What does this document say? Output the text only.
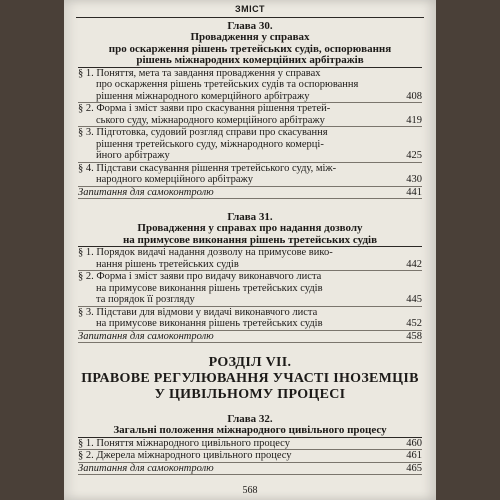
ЗМІСТ
Глава 30.
Провадження у справах
про оскарження рішень третейських судів, оспорювання
рішень міжнародних комерційних арбітражів
§ 1. Поняття, мета та завдання провадження у справах
про оскарження рішень третейських судів та оспорювання
рішення міжнародного комерційного арбітражу	408
§ 2. Форма і зміст заяви про скасування рішення третей-
ського суду, міжнародного комерційного арбітражу	419
§ 3. Підготовка, судовий розгляд справи про скасування
рішення третейського суду, міжнародного комерці-
йного арбітражу	425
§ 4. Підстави скасування рішення третейського суду, між-
народного комерційного арбітражу	430
Запитання для самоконтролю	441
Глава 31.
Провадження у справах про надання дозволу
на примусове виконання рішень третейських судів
§ 1. Порядок видачі надання дозволу на примусове вико-
нання рішень третейських судів	442
§ 2. Форма і зміст заяви про видачу виконавчого листа
на примусове виконання рішень третейських судів
та порядок її розгляду	445
§ 3. Підстави для відмови у видачі виконавчого листа
на примусове виконання рішень третейських судів	452
Запитання для самоконтролю	458
РОЗДІЛ VII.
ПРАВОВЕ РЕГУЛЮВАННЯ УЧАСТІ ІНОЗЕМЦІВ
У ЦИВІЛЬНОМУ ПРОЦЕСІ
Глава 32.
Загальні положення міжнародного цивільного процесу
§ 1. Поняття міжнародного цивільного процесу	460
§ 2. Джерела міжнародного цивільного процесу	461
Запитання для самоконтролю	465
568
